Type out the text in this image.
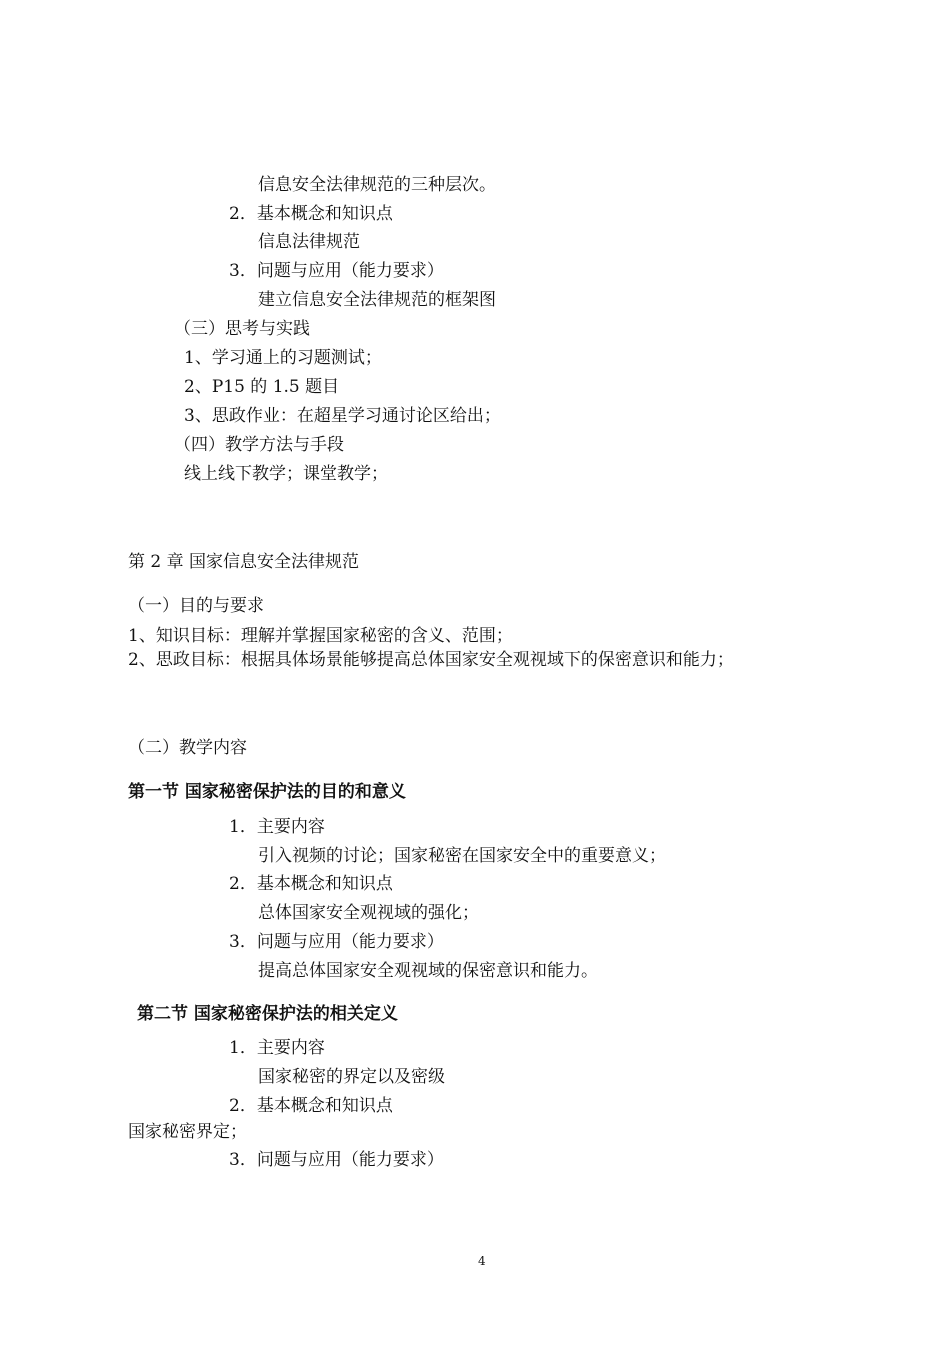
信息安全法律规范的三种层次。
2．基本概念和知识点
信息法律规范
3．问题与应用（能力要求）
建立信息安全法律规范的框架图
（三）思考与实践
1、学习通上的习题测试；
2、P15 的 1.5 题目
3、思政作业：在超星学习通讨论区给出；
（四）教学方法与手段
线上线下教学；课堂教学；
第 2 章 国家信息安全法律规范
（一）目的与要求
1、知识目标：理解并掌握国家秘密的含义、范围；
2、思政目标：根据具体场景能够提高总体国家安全观视域下的保密意识和能力；
（二）教学内容
第一节 国家秘密保护法的目的和意义
1．主要内容
引入视频的讨论；国家秘密在国家安全中的重要意义；
2．基本概念和知识点
总体国家安全观视域的强化；
3．问题与应用（能力要求）
提高总体国家安全观视域的保密意识和能力。
第二节 国家秘密保护法的相关定义
1．主要内容
国家秘密的界定以及密级
2．基本概念和知识点
国家秘密界定；
3．问题与应用（能力要求）
4
